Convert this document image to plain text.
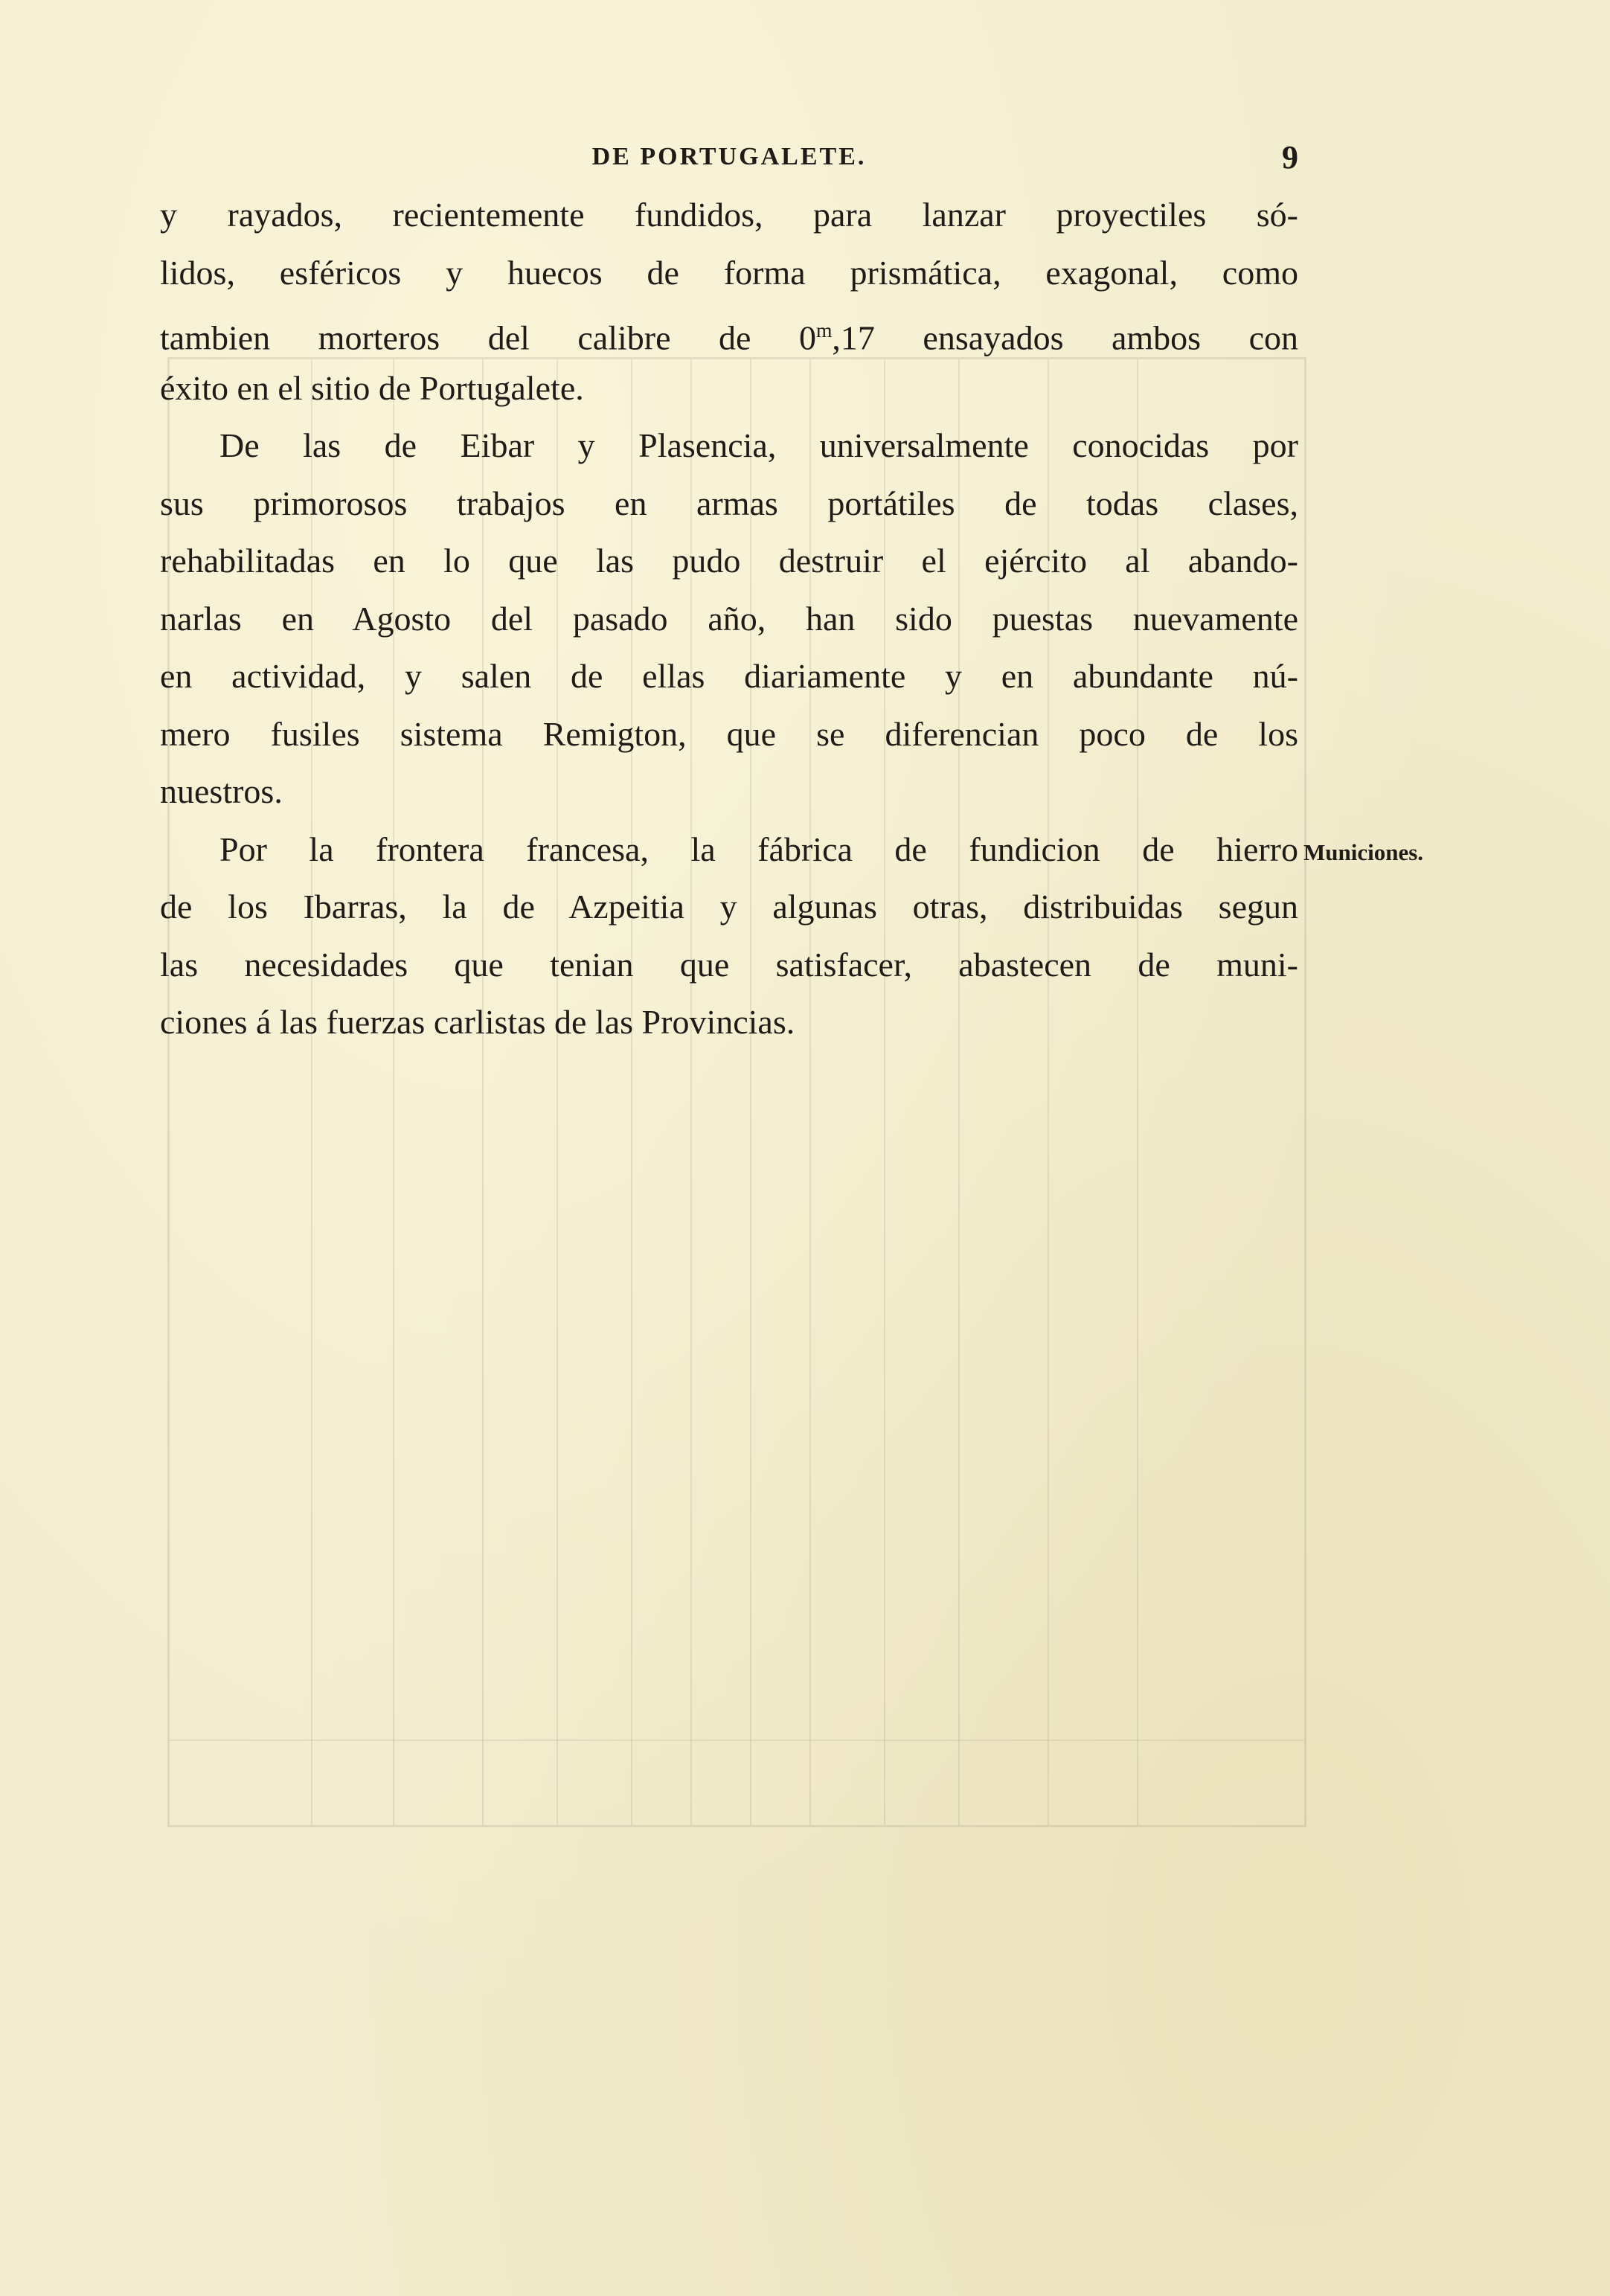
DE PORTUGALETE.	9
y rayados, recientemente fundidos, para lanzar proyectiles só-
lidos, esféricos y huecos de forma prismática, exagonal, como
tambien morteros del calibre de 0$^m$,17 ensayados ambos con
éxito en el sitio de Portugalete.
De las de Eibar y Plasencia, universalmente conocidas por
sus primorosos trabajos en armas portátiles de todas clases,
rehabilitadas en lo que las pudo destruir el ejército al abando-
narlas en Agosto del pasado año, han sido puestas nuevamente
en actividad, y salen de ellas diariamente y en abundante nú-
mero fusiles sistema Remigton, que se diferencian poco de los
nuestros.
Por la frontera francesa, la fábrica de fundicion de hierro
de los Ibarras, la de Azpeitia y algunas otras, distribuidas segun
las necesidades que tenian que satisfacer, abastecen de muni-
ciones á las fuerzas carlistas de las Provincias.
Municiones.
